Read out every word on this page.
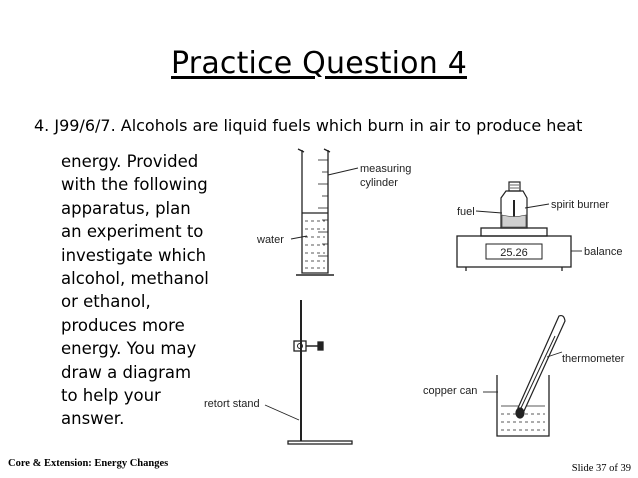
Practice Question 4
4. J99/6/7. Alcohols are liquid fuels which burn in air to produce heat
energy. Provided with the following apparatus, plan an experiment to investigate which alcohol, methanol or ethanol, produces more energy. You may draw a diagram to help your answer.
measuring
cylinder
water
fuel
spirit burner
25.26	balance
retort stand
thermometer
copper can
Core & Extension: Energy Changes	Slide 37 of 39
